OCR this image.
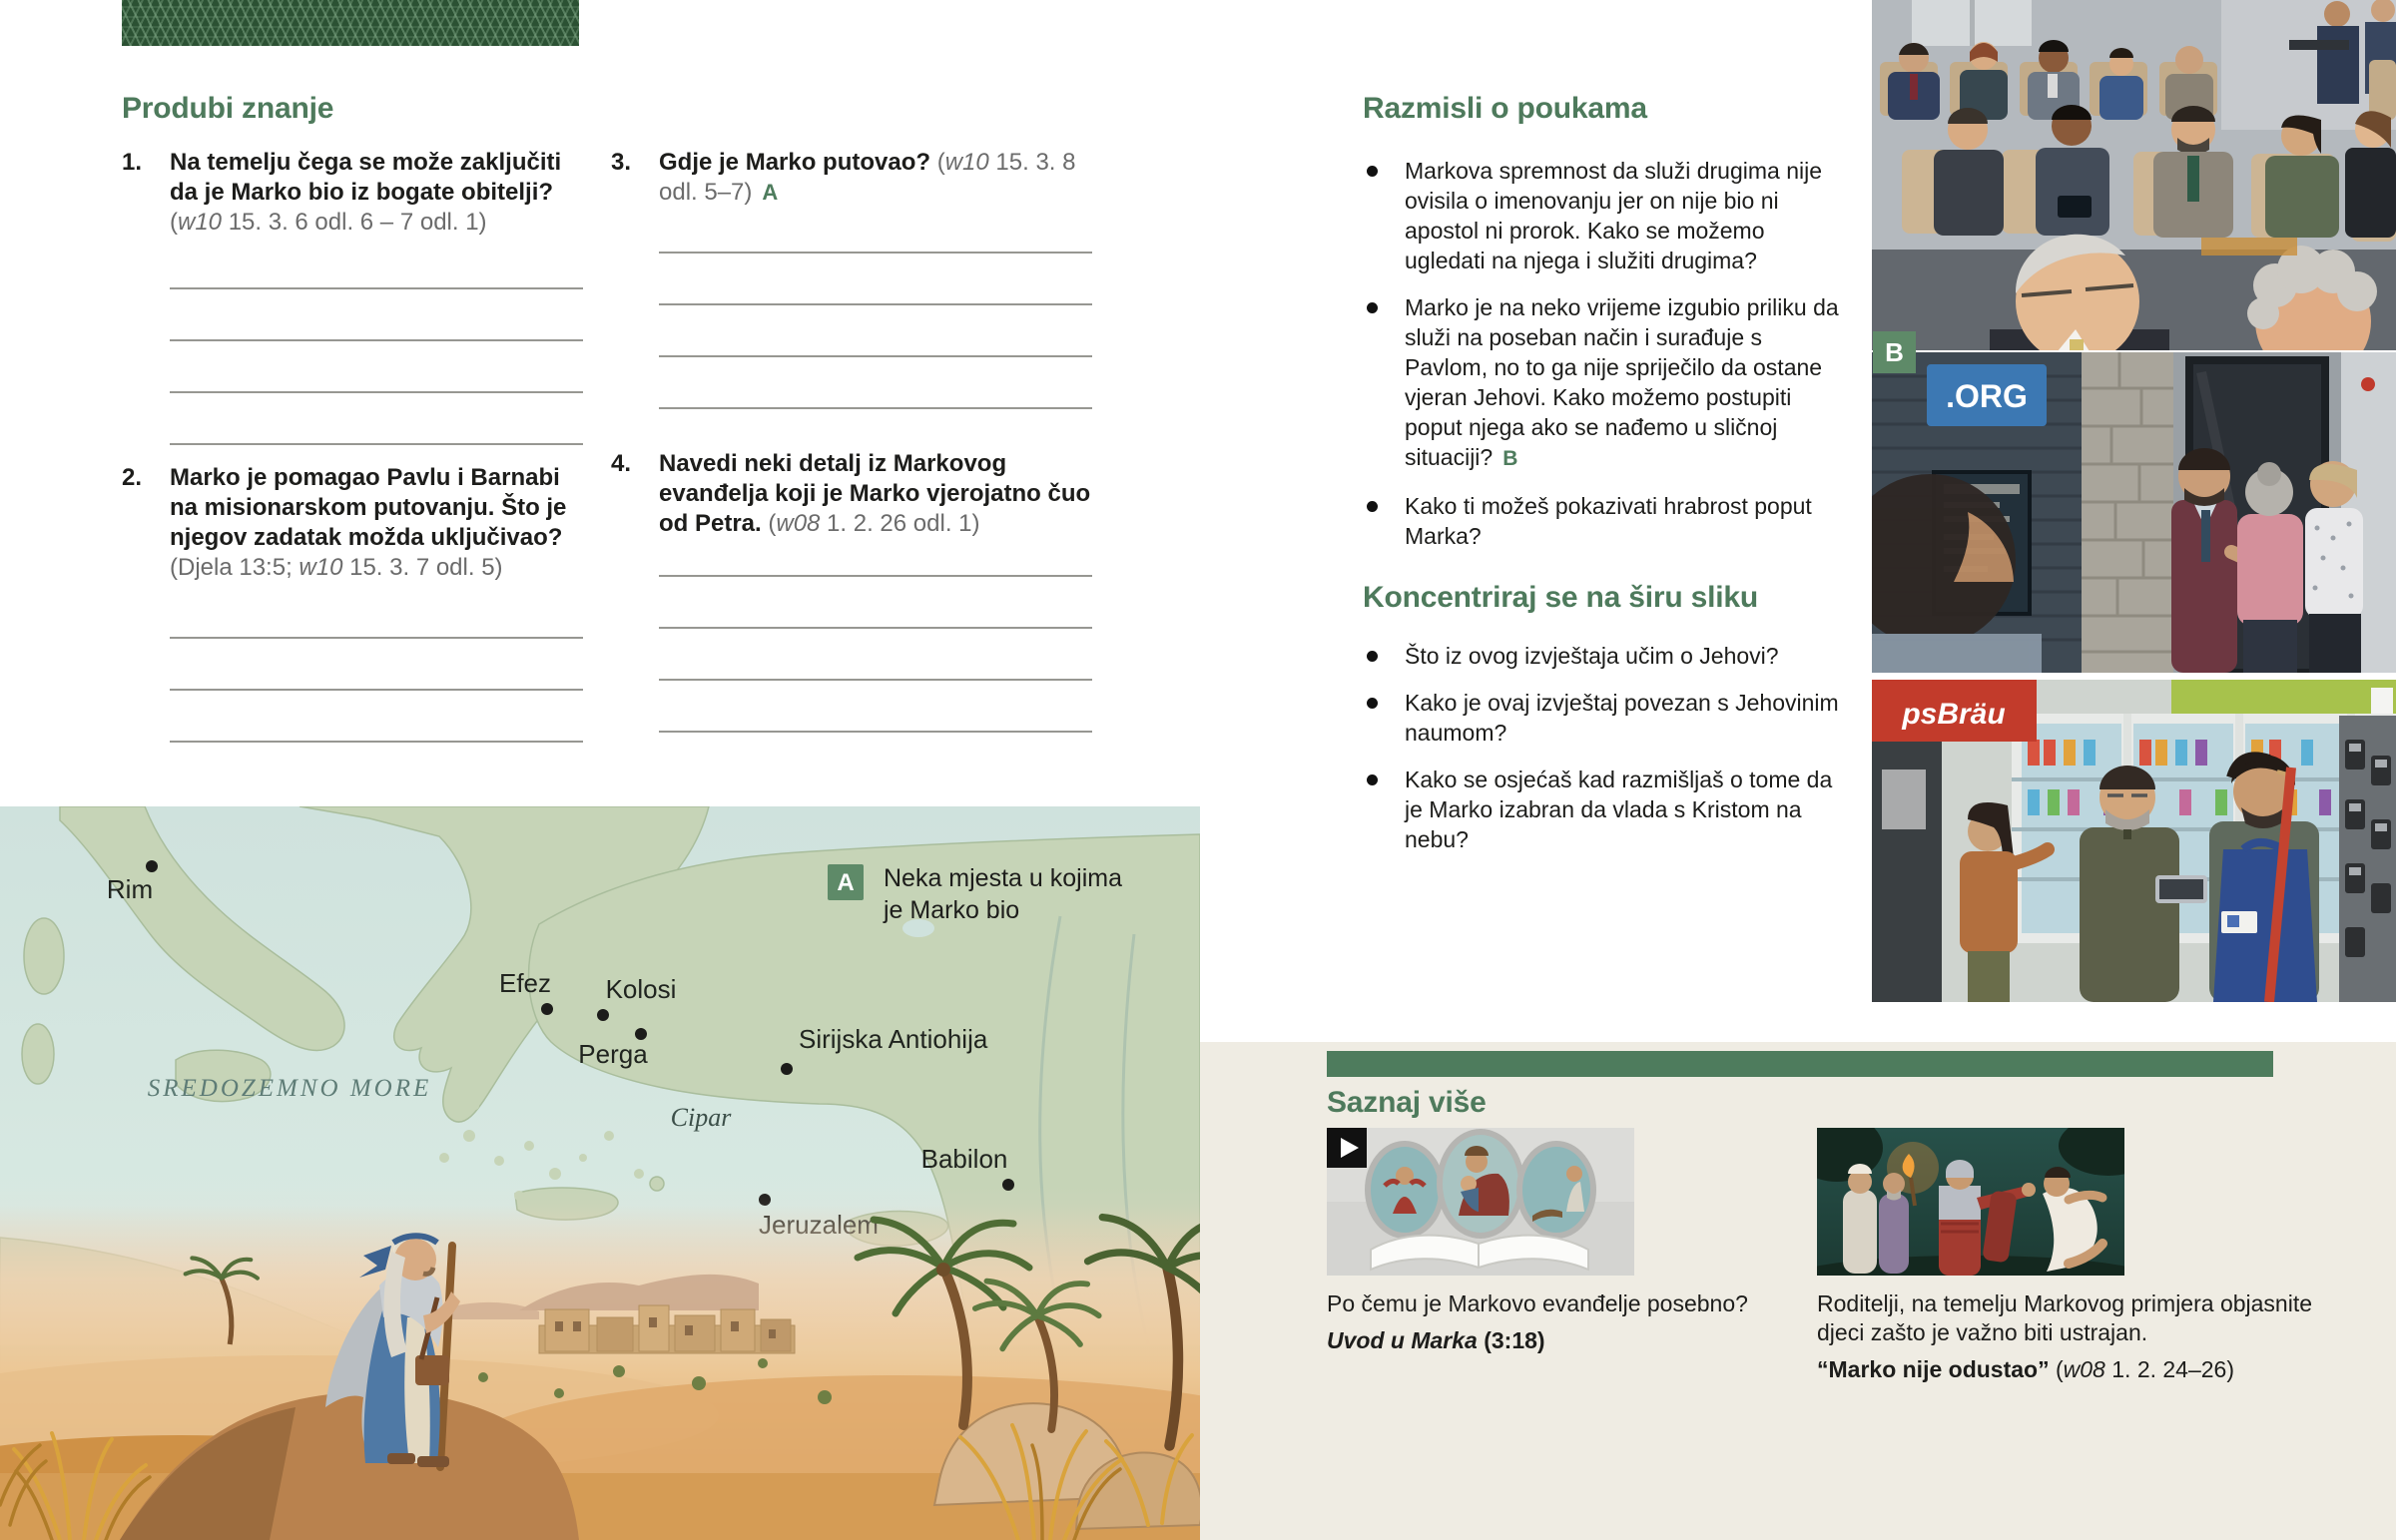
Produbi znanje
1.	Na temelju čega se može zaključiti da je Marko bio iz bogate obitelji? (w10 15. 3. 6 odl. 6 – 7 odl. 1)

2.	Marko je pomagao Pavlu i Barnabi na misionarskom putovanju. Što je njegov zadatak možda uključivao? (Djela 13:5; w10 15. 3. 7 odl. 5)

3.	Gdje je Marko putovao? (w10 15. 3. 8 odl. 5–7) A

4.	Navedi neki detalj iz Markovog evanđelja koji je Marko vjerojatno čuo od Petra. (w08 1. 2. 26 odl. 1)

Razmisli o poukama
Markova spremnost da služi drugima nije ovisila o imenovanju jer on nije bio ni apostol ni prorok. Kako se možemo ugledati na njega i služiti drugima?
Marko je na neko vrijeme izgubio priliku da služi na poseban način i surađuje s Pavlom, no to ga nije spriječilo da ostane vjeran Jehovi. Kako možemo postupiti poput njega ako se nađemo u sličnoj situaciji? B
Kako ti možeš pokazivati hrabrost poput Marka?
Koncentriraj se na širu sliku
Što iz ovog izvještaja učim o Jehovi?
Kako je ovaj izvještaj povezan s Jehovinim naumom?
Kako se osjećaš kad razmišljaš o tome da je Marko izabran da vlada s Kristom na nebu?
.ORG
B
psBräu
Rim
Efez Kolosi
Perga	Sirijska Antiohija
Cipar
Babilon
SREDOZEMNO MORE
A Neka mjesta u kojima
je Marko bio
Saznaj više
Po čemu je Markovo evanđelje posebno?
Uvod u Marka (3:18)
Roditelji, na temelju Markovog primjera objasnite djeci zašto je važno biti ustrajan.
“Marko nije odustao” (w08 1. 2. 24–26)
